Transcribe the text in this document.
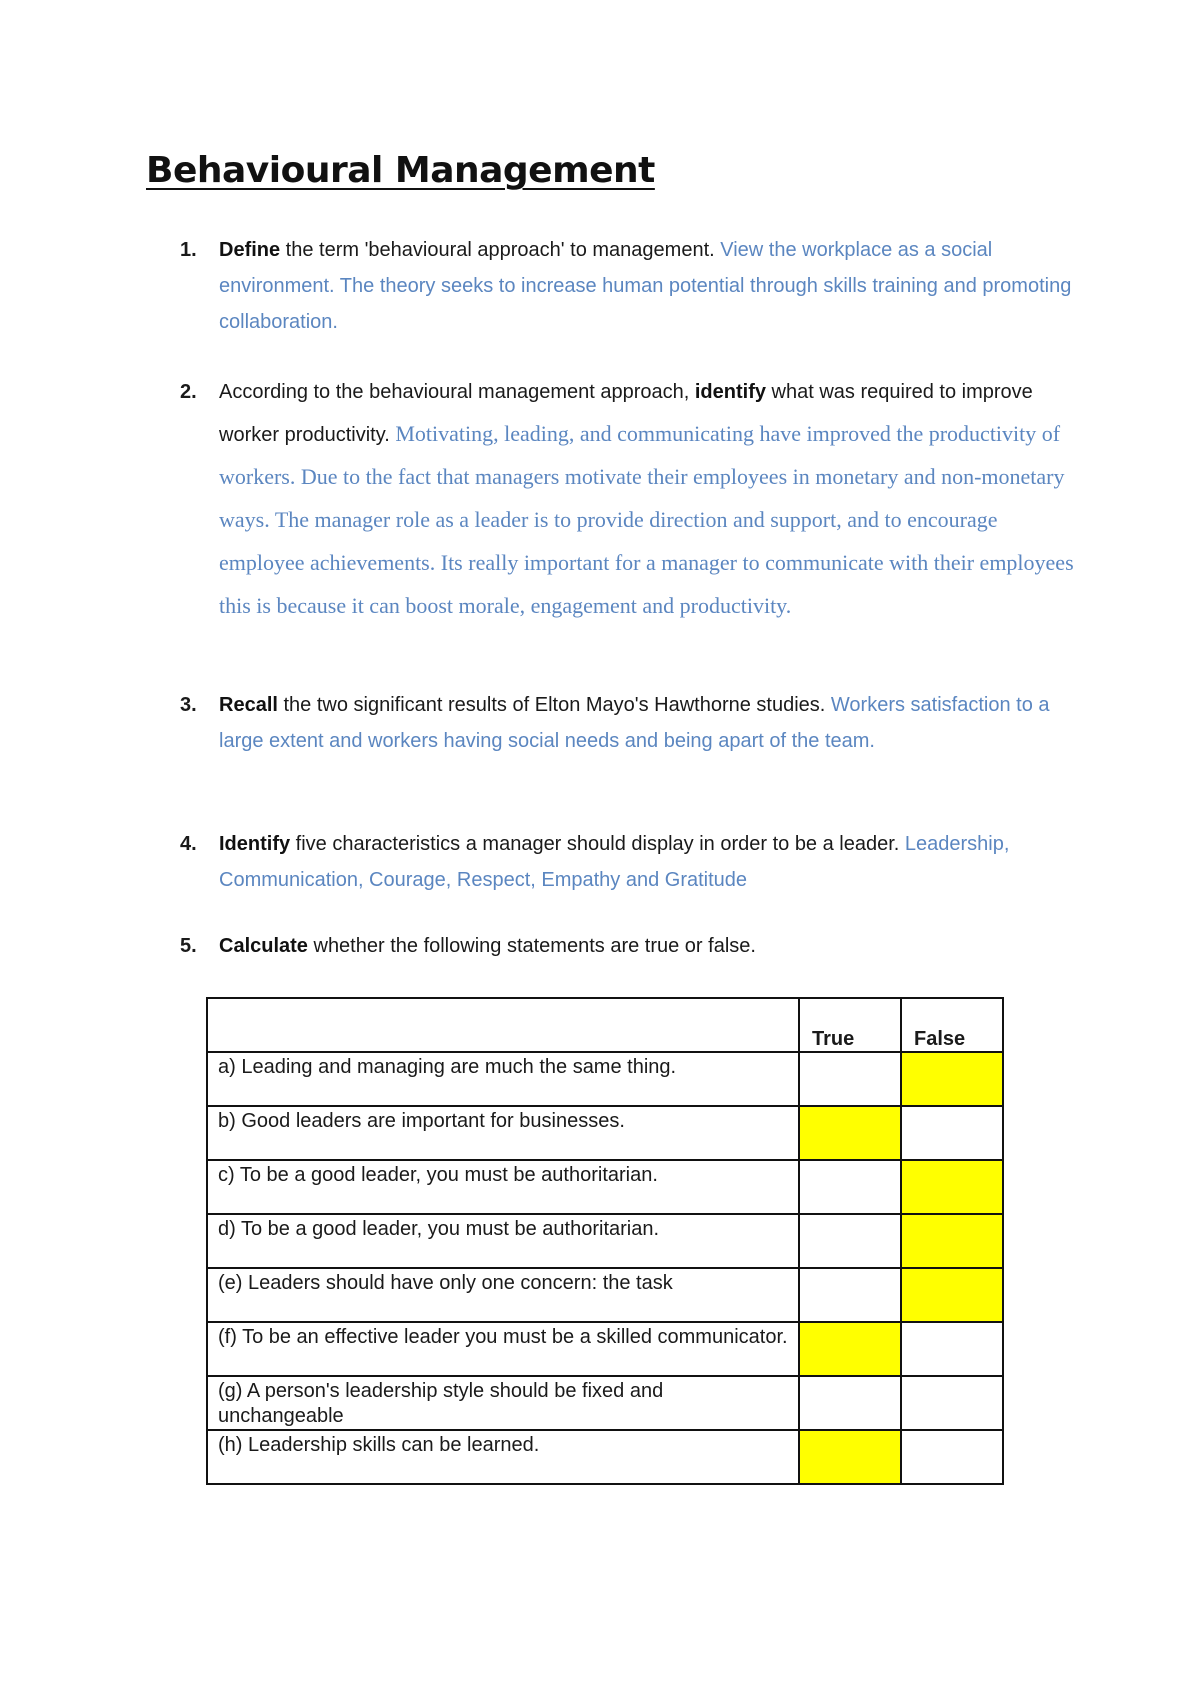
Behavioural Management
1. Define the term 'behavioural approach' to management. View the workplace as a social environment. The theory seeks to increase human potential through skills training and promoting collaboration.
2. According to the behavioural management approach, identify what was required to improve worker productivity. Motivating, leading, and communicating have improved the productivity of workers. Due to the fact that managers motivate their employees in monetary and non-monetary ways. The manager role as a leader is to provide direction and support, and to encourage employee achievements. Its really important for a manager to communicate with their employees this is because it can boost morale, engagement and productivity.
3. Recall the two significant results of Elton Mayo's Hawthorne studies. Workers satisfaction to a large extent and workers having social needs and being apart of the team.
4. Identify five characteristics a manager should display in order to be a leader. Leadership, Communication, Courage, Respect, Empathy and Gratitude
5. Calculate whether the following statements are true or false.
	True	False
a) Leading and managing are much the same thing.		
b) Good leaders are important for businesses.		
c) To be a good leader, you must be authoritarian.		
d) To be a good leader, you must be authoritarian.		
(e) Leaders should have only one concern: the task		
(f) To be an effective leader you must be a skilled communicator.		
(g) A person's leadership style should be fixed and unchangeable		
(h) Leadership skills can be learned.		
